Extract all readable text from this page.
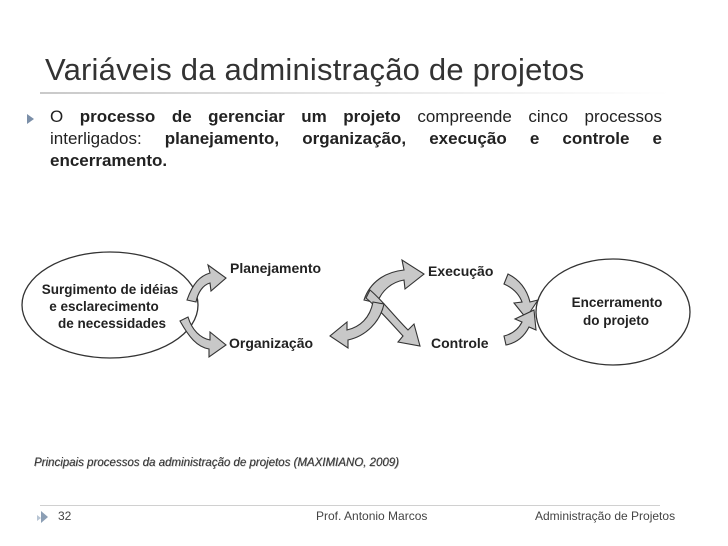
Variáveis da administração de projetos
O processo de gerenciar um projeto compreende cinco processos interligados: planejamento, organização, execução e controle e encerramento.
Surgimento de idéias
e esclarecimento
de necessidades
Encerramento
do projeto
Planejamento
Organização
Execução
Controle
Principais processos da administração de projetos (MAXIMIANO, 2009)
32	Prof. Antonio Marcos	Administração de Projetos
